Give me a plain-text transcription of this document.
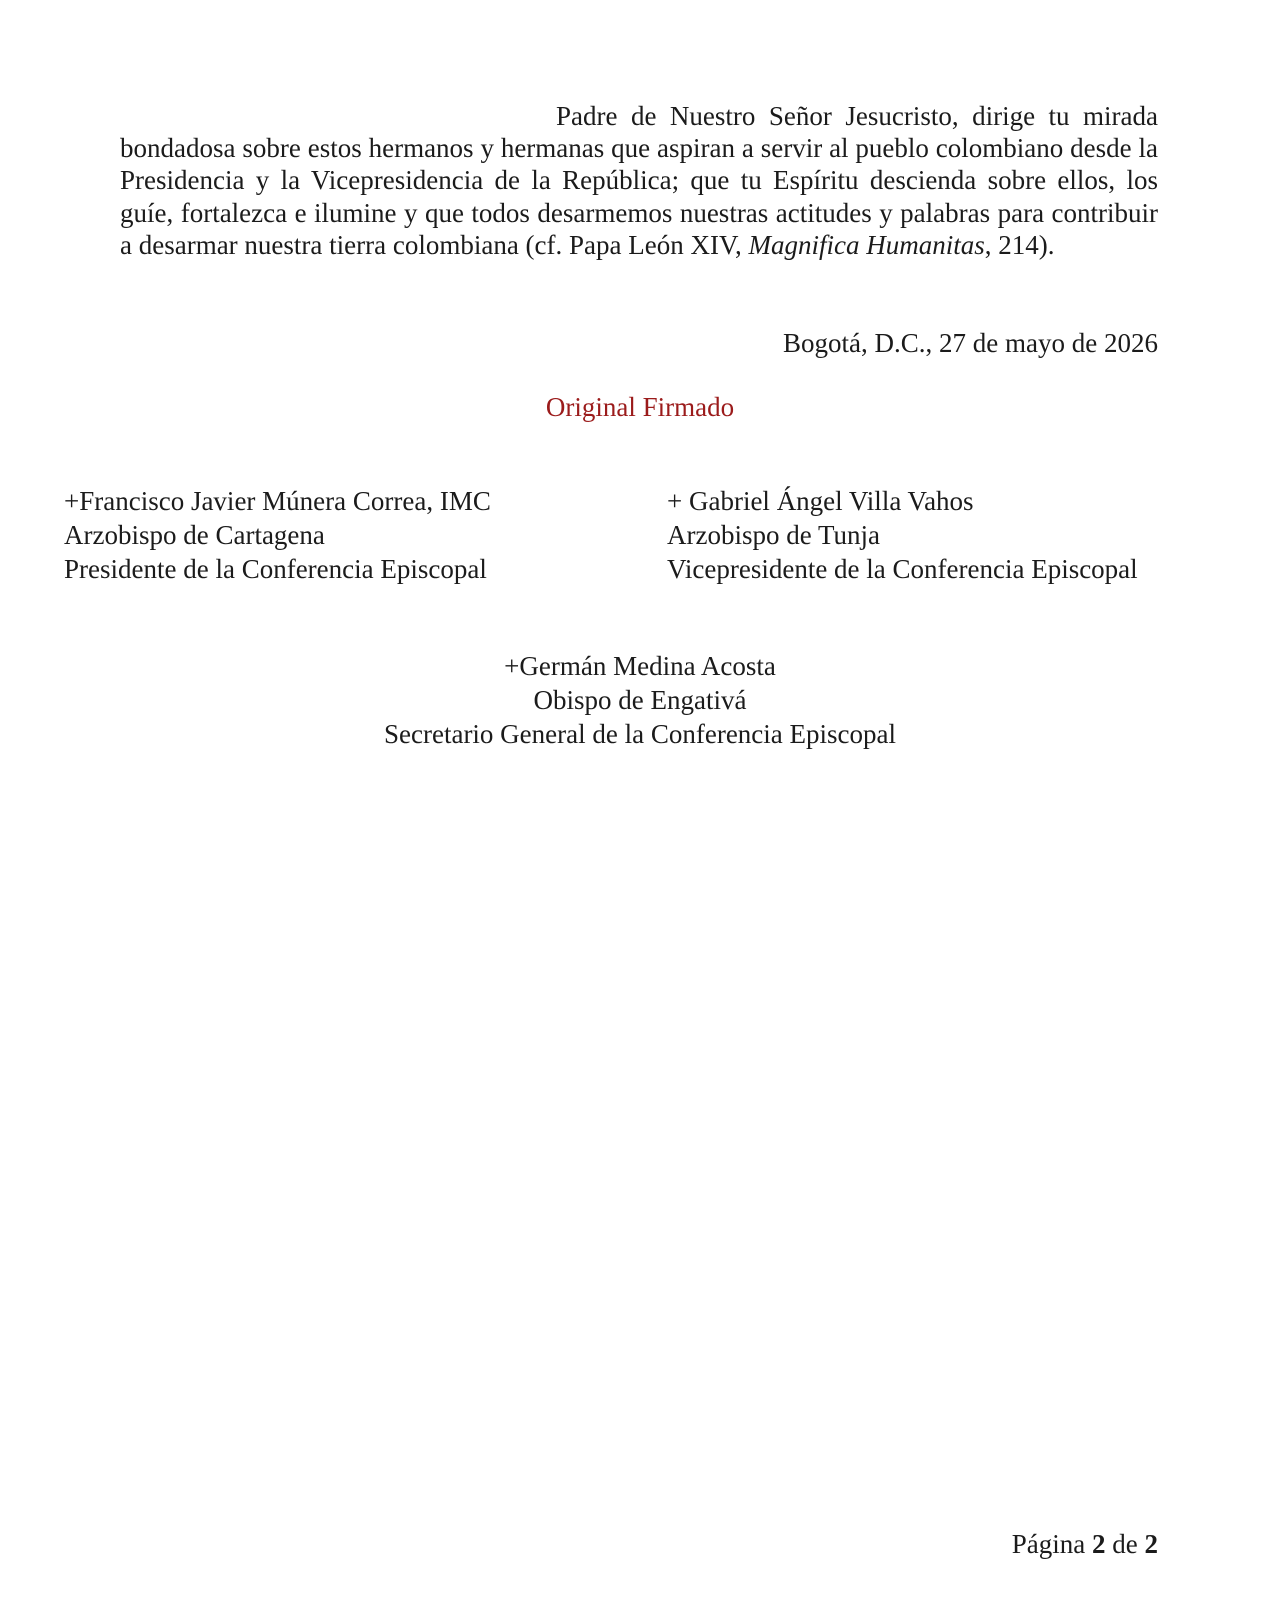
Padre de Nuestro Señor Jesucristo, dirige tu mirada bondadosa sobre estos hermanos y hermanas que aspiran a servir al pueblo colombiano desde la Presidencia y la Vicepresidencia de la República; que tu Espíritu descienda sobre ellos, los guíe, fortalezca e ilumine y que todos desarmemos nuestras actitudes y palabras para contribuir a desarmar nuestra tierra colombiana (cf. Papa León XIV, Magnifica Humanitas, 214).

Bogotá, D.C., 27 de mayo de 2026

Original Firmado

+Francisco Javier Múnera Correa, IMC
Arzobispo de Cartagena
Presidente de la Conferencia Episcopal
+ Gabriel Ángel Villa Vahos
Arzobispo de Tunja
Vicepresidente de la Conferencia Episcopal
+Germán Medina Acosta
Obispo de Engativá
Secretario General de la Conferencia Episcopal

Página 2 de 2
